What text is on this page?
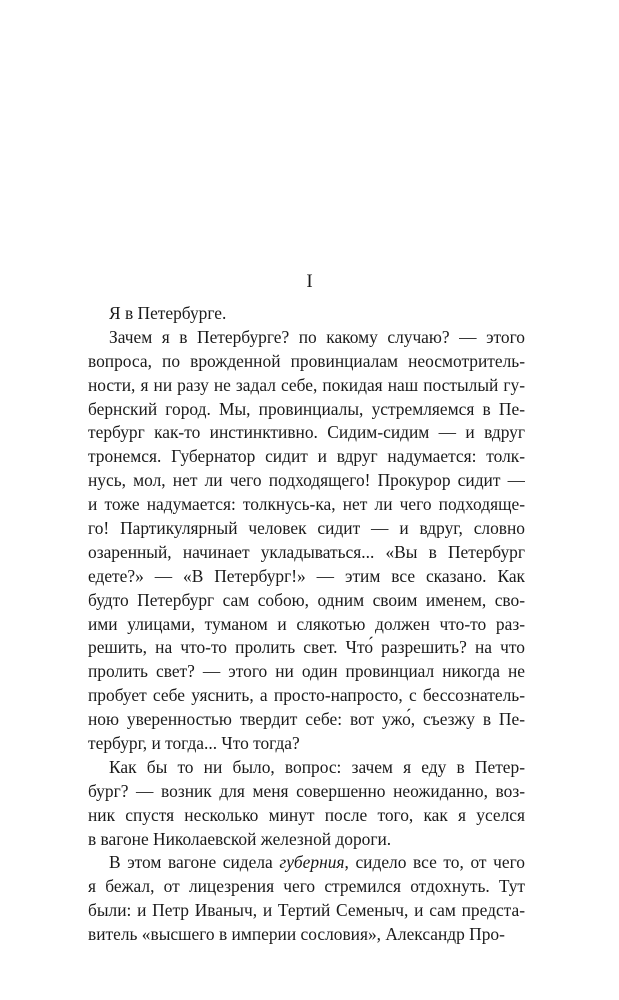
I
Я в Петербурге.
Зачем я в Петербурге? по какому случаю? — этого
вопроса, по врожденной провинциалам неосмотритель-
ности, я ни разу не задал себе, покидая наш постылый гу-
бернский город. Мы, провинциалы, устремляемся в Пе-
тербург как-то инстинктивно. Сидим-сидим — и вдруг
тронемся. Губернатор сидит и вдруг надумается: толк-
нусь, мол, нет ли чего подходящего! Прокурор сидит —
и тоже надумается: толкнусь-ка, нет ли чего подходяще-
го! Партикулярный человек сидит — и вдруг, словно
озаренный, начинает укладываться... «Вы в Петербург
едете?» — «В Петербург!» — этим все сказано. Как
будто Петербург сам собою, одним своим именем, сво-
ими улицами, туманом и слякотью должен что-то раз-
решить, на что-то пролить свет. Что́ разрешить? на что
пролить свет? — этого ни один провинциал никогда не
пробует себе уяснить, а просто-напросто, с бессознатель-
ною уверенностью твердит себе: вот ужо́, съезжу в Пе-
тербург, и тогда... Что тогда?
Как бы то ни было, вопрос: зачем я еду в Петер-
бург? — возник для меня совершенно неожиданно, воз-
ник спустя несколько минут после того, как я уселся
в вагоне Николаевской железной дороги.
В этом вагоне сидела губерния, сидело все то, от чего
я бежал, от лицезрения чего стремился отдохнуть. Тут
были: и Петр Иваныч, и Тертий Семеныч, и сам предста-
витель «высшего в империи сословия», Александр Про-
